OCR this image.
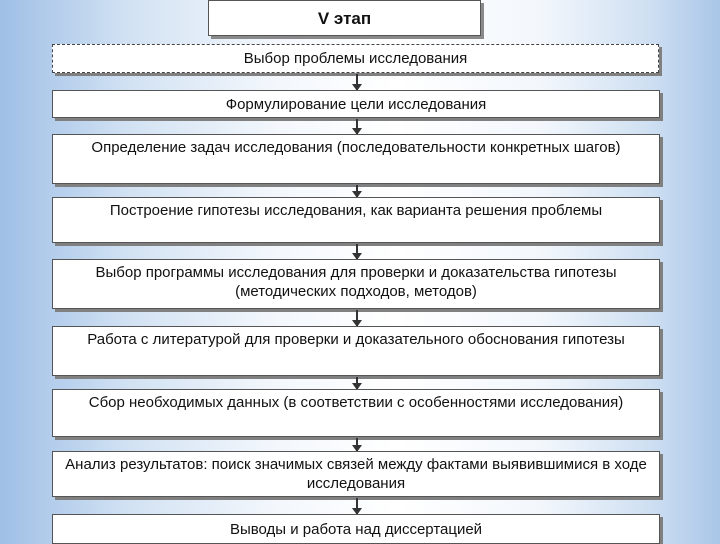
V этап
Выбор проблемы исследования
Формулирование цели исследования
Определение задач исследования (последовательности конкретных шагов)
Построение гипотезы исследования, как варианта решения проблемы
Выбор программы исследования для проверки и доказательства гипотезы (методических подходов, методов)
Работа с литературой для проверки и доказательного обоснования гипотезы
Сбор необходимых данных (в соответствии с особенностями исследования)
Анализ результатов: поиск значимых связей между фактами выявившимися в ходе исследования
Выводы и работа над диссертацией
